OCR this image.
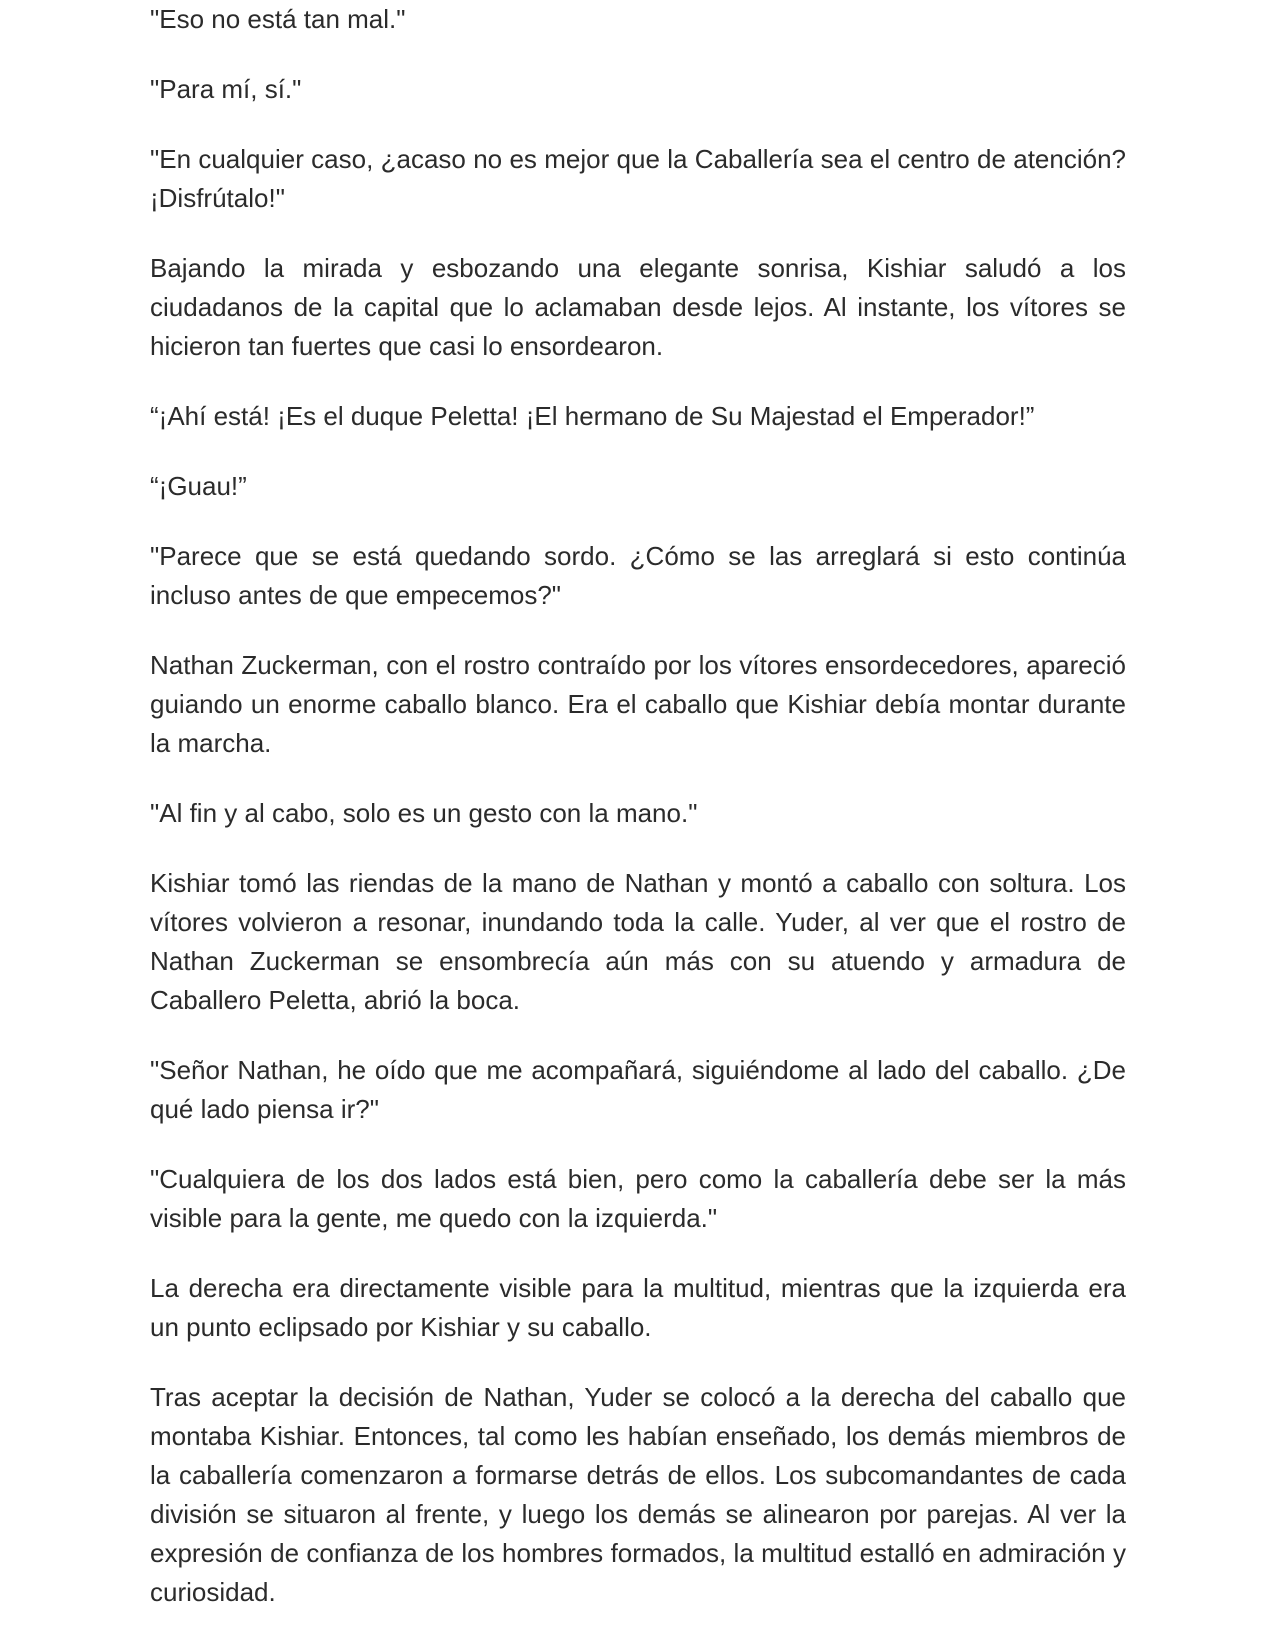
"Eso no está tan mal."

"Para mí, sí."

"En cualquier caso, ¿acaso no es mejor que la Caballería sea el centro de atención? ¡Disfrútalo!"

Bajando la mirada y esbozando una elegante sonrisa, Kishiar saludó a los ciudadanos de la capital que lo aclamaban desde lejos. Al instante, los vítores se hicieron tan fuertes que casi lo ensordearon.

“¡Ahí está! ¡Es el duque Peletta! ¡El hermano de Su Majestad el Emperador!”

“¡Guau!”

"Parece que se está quedando sordo. ¿Cómo se las arreglará si esto continúa incluso antes de que empecemos?"

Nathan Zuckerman, con el rostro contraído por los vítores ensordecedores, apareció guiando un enorme caballo blanco. Era el caballo que Kishiar debía montar durante la marcha.

"Al fin y al cabo, solo es un gesto con la mano."

Kishiar tomó las riendas de la mano de Nathan y montó a caballo con soltura. Los vítores volvieron a resonar, inundando toda la calle. Yuder, al ver que el rostro de Nathan Zuckerman se ensombrecía aún más con su atuendo y armadura de Caballero Peletta, abrió la boca.

"Señor Nathan, he oído que me acompañará, siguiéndome al lado del caballo. ¿De qué lado piensa ir?"

"Cualquiera de los dos lados está bien, pero como la caballería debe ser la más visible para la gente, me quedo con la izquierda."

La derecha era directamente visible para la multitud, mientras que la izquierda era un punto eclipsado por Kishiar y su caballo.

Tras aceptar la decisión de Nathan, Yuder se colocó a la derecha del caballo que montaba Kishiar. Entonces, tal como les habían enseñado, los demás miembros de la caballería comenzaron a formarse detrás de ellos. Los subcomandantes de cada división se situaron al frente, y luego los demás se alinearon por parejas. Al ver la expresión de confianza de los hombres formados, la multitud estalló en admiración y curiosidad.
